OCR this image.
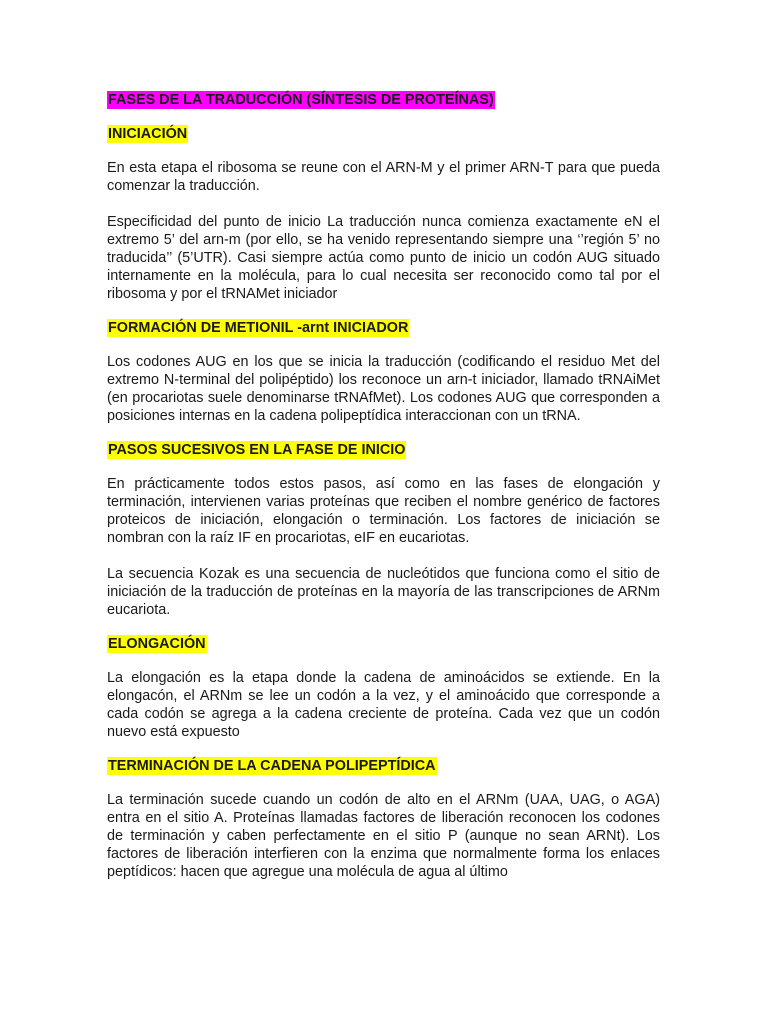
FASES DE LA TRADUCCIÓN (SÍNTESIS DE PROTEÍNAS)
INICIACIÓN

En esta etapa el ribosoma se reune con el ARN-M y el primer ARN-T para que pueda comenzar la traducción.

Especificidad del punto de inicio La traducción nunca comienza exactamente eN el extremo 5’ del arn-m (por ello, se ha venido representando siempre una ‘’región 5’ no traducida’’ (5’UTR). Casi siempre actúa como punto de inicio un codón AUG situado internamente en la molécula, para lo cual necesita ser reconocido como tal por el ribosoma y por el tRNAMet iniciador

FORMACIÓN DE METIONIL -arnt INICIADOR

Los codones AUG en los que se inicia la traducción (codificando el residuo Met del extremo N-terminal del polipéptido) los reconoce un arn-t iniciador, llamado tRNAiMet (en procariotas suele denominarse tRNAfMet). Los codones AUG que corresponden a posiciones internas en la cadena polipeptídica interaccionan con un tRNA.

PASOS SUCESIVOS EN LA FASE DE INICIO

En prácticamente todos estos pasos, así como en las fases de elongación y terminación, intervienen varias proteínas que reciben el nombre genérico de factores proteicos de iniciación, elongación o terminación. Los factores de iniciación se nombran con la raíz IF en procariotas, eIF en eucariotas.

La secuencia Kozak es una secuencia de nucleótidos que funciona como el sitio de iniciación de la traducción de proteínas en la mayoría de las transcripciones de ARNm eucariota.

ELONGACIÓN

La elongación es la etapa donde la cadena de aminoácidos se extiende. En la elongacón, el ARNm se lee un codón a la vez, y el aminoácido que corresponde a cada codón se agrega a la cadena creciente de proteína. Cada vez que un codón nuevo está expuesto

TERMINACIÓN DE LA CADENA POLIPEPTÍDICA

La terminación sucede cuando un codón de alto en el ARNm (UAA, UAG, o AGA) entra en el sitio A. Proteínas llamadas factores de liberación reconocen los codones de terminación y caben perfectamente en el sitio P (aunque no sean ARNt). Los factores de liberación interfieren con la enzima que normalmente forma los enlaces peptídicos: hacen que agregue una molécula de agua al último
